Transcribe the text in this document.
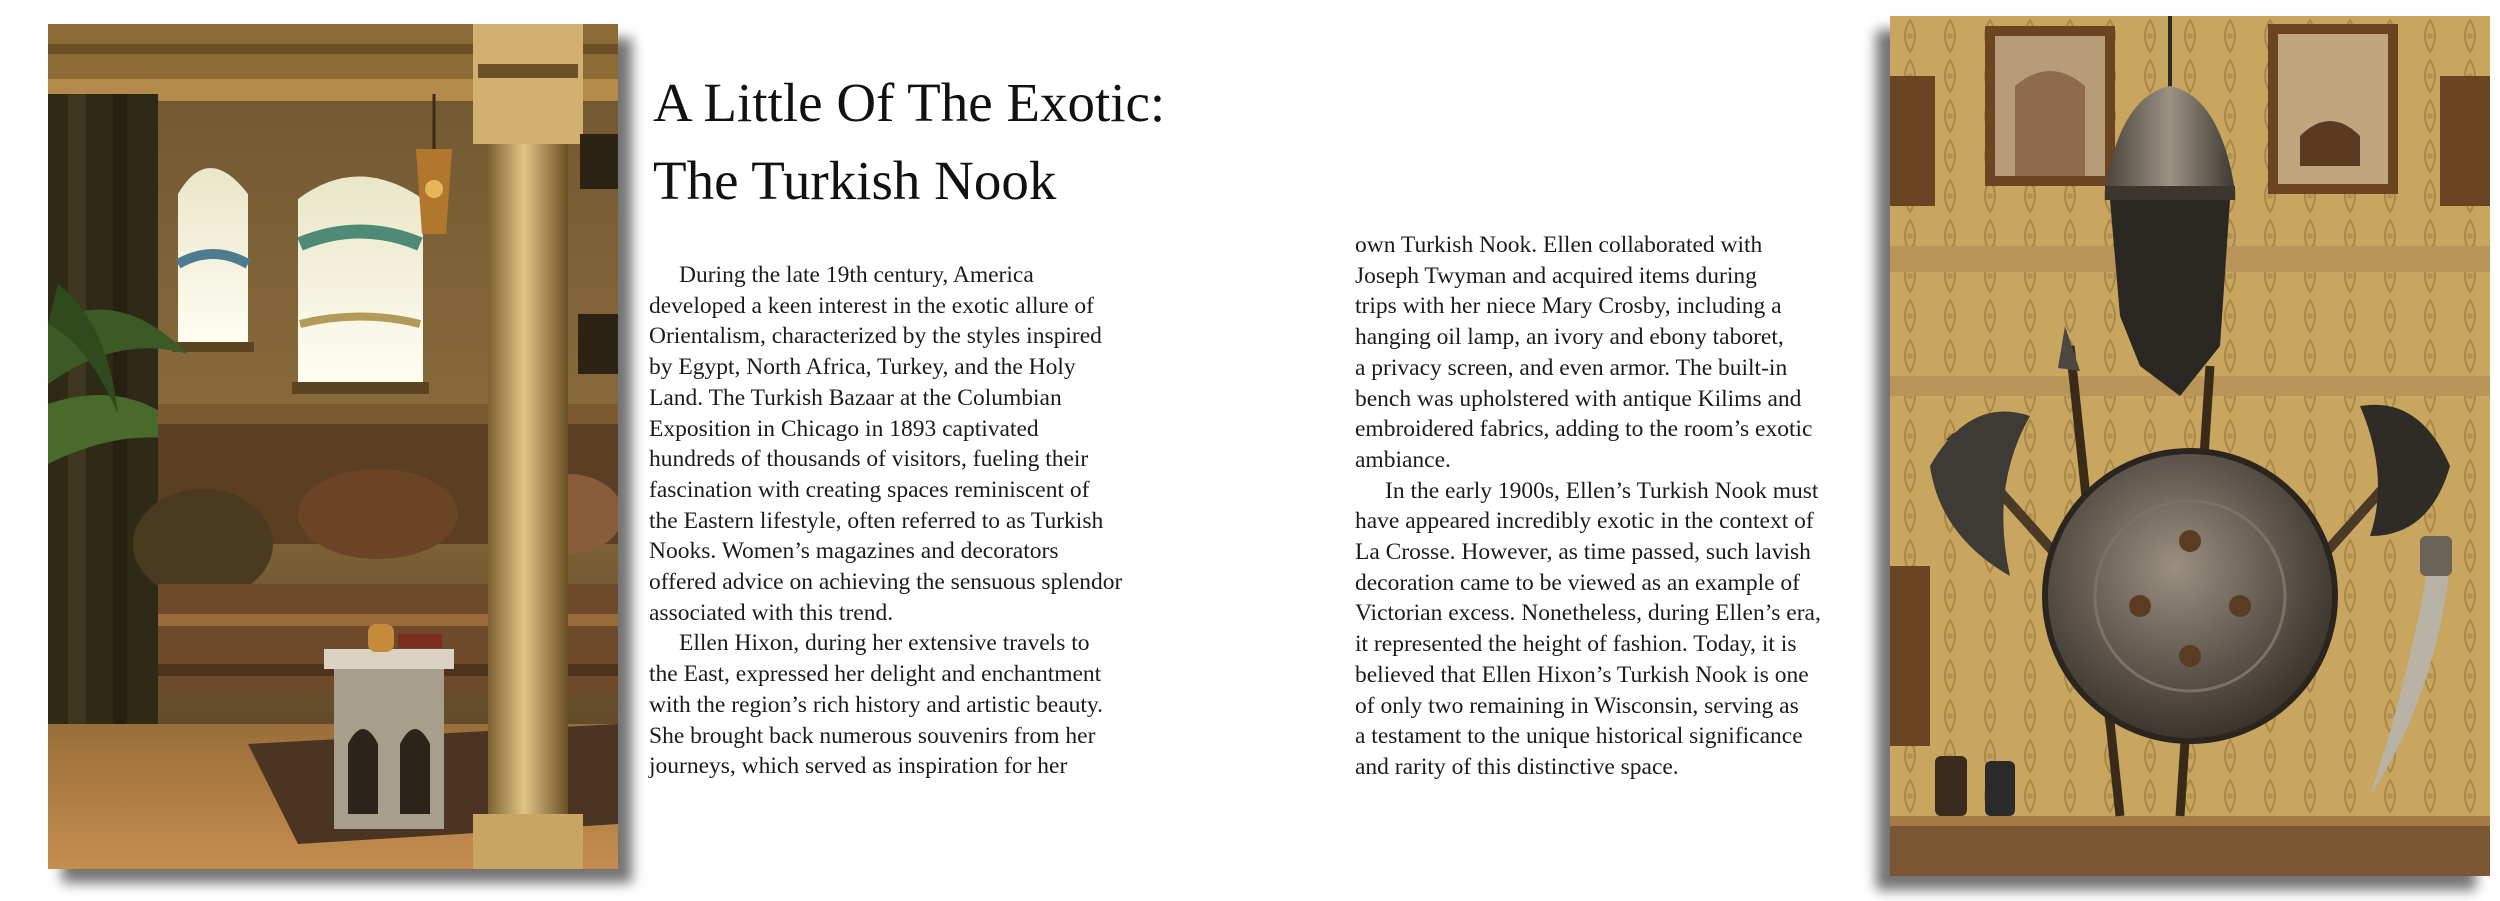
A Little Of The Exotic:
The Turkish Nook
During the late 19th century, America
developed a keen interest in the exotic allure of
Orientalism, characterized by the styles inspired
by Egypt, North Africa, Turkey, and the Holy
Land. The Turkish Bazaar at the Columbian
Exposition in Chicago in 1893 captivated
hundreds of thousands of visitors, fueling their
fascination with creating spaces reminiscent of
the Eastern lifestyle, often referred to as Turkish
Nooks. Women’s magazines and decorators
offered advice on achieving the sensuous splendor
associated with this trend.
Ellen Hixon, during her extensive travels to
the East, expressed her delight and enchantment
with the region’s rich history and artistic beauty.
She brought back numerous souvenirs from her
journeys, which served as inspiration for her
own Turkish Nook. Ellen collaborated with
Joseph Twyman and acquired items during
trips with her niece Mary Crosby, including a
hanging oil lamp, an ivory and ebony taboret,
a privacy screen, and even armor. The built-in
bench was upholstered with antique Kilims and
embroidered fabrics, adding to the room’s exotic
ambiance.
In the early 1900s, Ellen’s Turkish Nook must
have appeared incredibly exotic in the context of
La Crosse. However, as time passed, such lavish
decoration came to be viewed as an example of
Victorian excess. Nonetheless, during Ellen’s era,
it represented the height of fashion. Today, it is
believed that Ellen Hixon’s Turkish Nook is one
of only two remaining in Wisconsin, serving as
a testament to the unique historical significance
and rarity of this distinctive space.
